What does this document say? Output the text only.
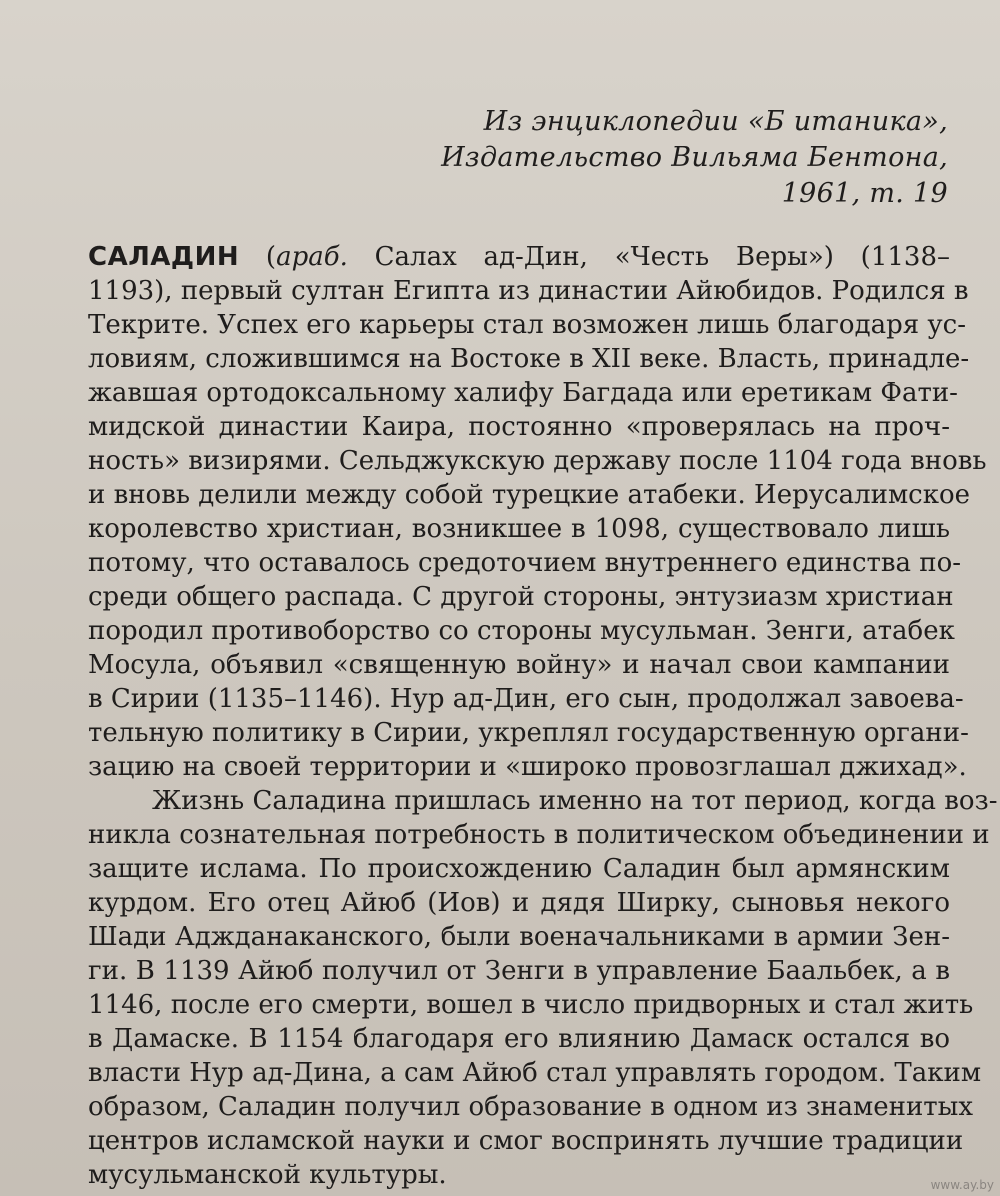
Из энциклопедии «Б итаника»,
Издательство Вильяма Бентона,
1961, т. 19

САЛАДИН (араб. Салах ад-Дин, «Честь Веры») (1138–
1193), первый султан Египта из династии Айюбидов. Родился в
Текрите. Успех его карьеры стал возможен лишь благодаря ус-
ловиям, сложившимся на Востоке в XII веке. Власть, принадле-
жавшая ортодоксальному халифу Багдада или еретикам Фати-
мидской династии Каира, постоянно «проверялась на проч-
ность» визирями. Сельджукскую державу после 1104 года вновь
и вновь делили между собой турецкие атабеки. Иерусалимское
королевство христиан, возникшее в 1098, существовало лишь
потому, что оставалось средоточием внутреннего единства по-
среди общего распада. С другой стороны, энтузиазм христиан
породил противоборство со стороны мусульман. Зенги, атабек
Мосула, объявил «священную войну» и начал свои кампании
в Сирии (1135–1146). Нур ад-Дин, его сын, продолжал завоева-
тельную политику в Сирии, укреплял государственную органи-
зацию на своей территории и «широко провозглашал джихад».

Жизнь Саладина пришлась именно на тот период, когда воз-
никла сознательная потребность в политическом объединении и
защите ислама. По происхождению Саладин был армянским
курдом. Его отец Айюб (Иов) и дядя Ширку, сыновья некого
Шади Аджданаканского, были военачальниками в армии Зен-
ги. В 1139 Айюб получил от Зенги в управление Баальбек, а в
1146, после его смерти, вошел в число придворных и стал жить
в Дамаске. В 1154 благодаря его влиянию Дамаск остался во
власти Нур ад-Дина, а сам Айюб стал управлять городом. Таким
образом, Саладин получил образование в одном из знаменитых
центров исламской науки и смог воспринять лучшие традиции
мусульманской культуры.	www.ay.by
